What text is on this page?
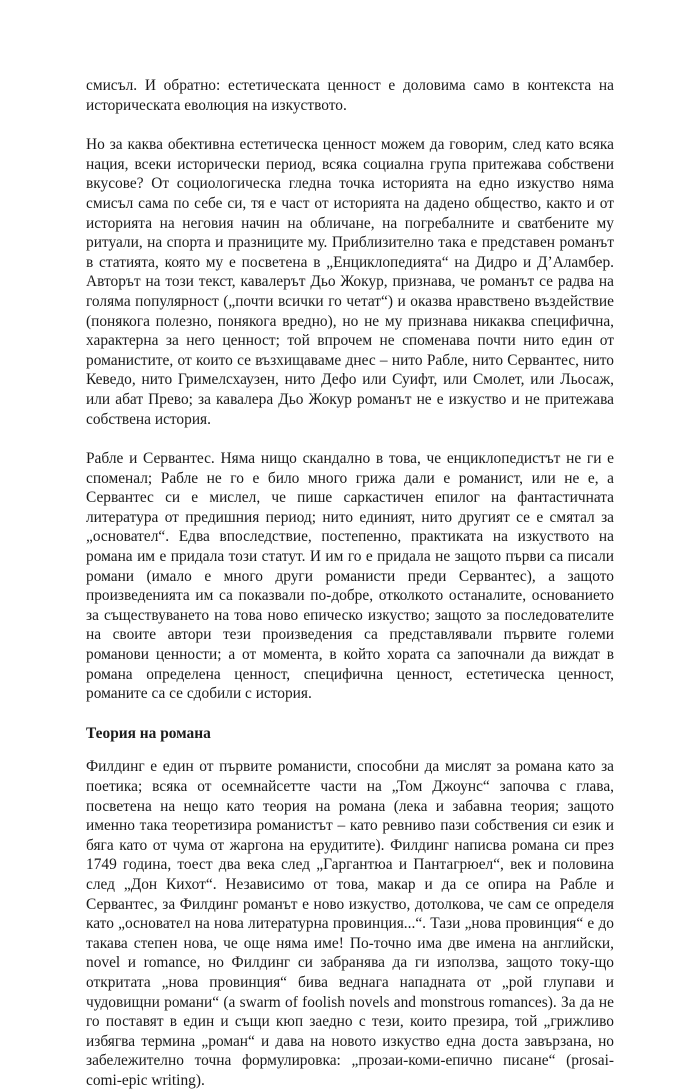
смисъл. И обратно: естетическата ценност е доловима само в контекста на историческата еволюция на изкуството.

Но за каква обективна естетическа ценност можем да говорим, след като всяка нация, всеки исторически период, всяка социална група притежава собствени вкусове? От социологическа гледна точка историята на едно изкуство няма смисъл сама по себе си, тя е част от историята на дадено общество, както и от историята на неговия начин на обличане, на погребалните и сватбените му ритуали, на спорта и празниците му. Приблизително така е представен романът в статията, която му е посветена в „Енциклопедията“ на Дидро и Д’Аламбер. Авторът на този текст, кавалерът Дьо Жокур, признава, че романът се радва на голяма популярност („почти всички го четат“) и оказва нравствено въздействие (понякога полезно, понякога вредно), но не му признава никаква специфична, характерна за него ценност; той впрочем не споменава почти нито един от романистите, от които се възхищаваме днес – нито Рабле, нито Сервантес, нито Кеведо, нито Гримелсхаузен, нито Дефо или Суифт, или Смолет, или Льосаж, или абат Прево; за кавалера Дьо Жокур романът не е изкуство и не притежава собствена история.

Рабле и Сервантес. Няма нищо скандално в това, че енциклопедистът не ги е споменал; Рабле не го е било много грижа дали е романист, или не е, а Сервантес си е мислел, че пише саркастичен епилог на фантастичната литература от предишния период; нито единият, нито другият се е смятал за „основател“. Едва впоследствие, постепенно, практиката на изкуството на романа им е придала този статут. И им го е придала не защото първи са писали романи (имало е много други романисти преди Сервантес), а защото произведенията им са показвали по-добре, отколкото останалите, основанието за съществуването на това ново епическо изкуство; защото за последователите на своите автори тези произведения са представлявали първите големи романови ценности; а от момента, в който хората са започнали да виждат в романа определена ценност, специфична ценност, естетическа ценност, романите са се сдобили с история.

Теория на романа

Филдинг е един от първите романисти, способни да мислят за романа като за поетика; всяка от осемнайсетте части на „Том Джоунс“ започва с глава, посветена на нещо като теория на романа (лека и забавна теория; защото именно така теоретизира романистът – като ревниво пази собствения си език и бяга като от чума от жаргона на ерудитите). Филдинг написва романа си през 1749 година, тоест два века след „Гаргантюа и Пантагрюел“, век и половина след „Дон Кихот“. Независимо от това, макар и да се опира на Рабле и Сервантес, за Филдинг романът е ново изкуство, дотолкова, че сам се определя като „основател на нова литературна провинция...“. Тази „нова провинция“ е до такава степен нова, че още няма име! По-точно има две имена на английски, novel и romance, но Филдинг си забранява да ги използва, защото току-що откритата „нова провинция“ бива веднага нападната от „рой глупави и чудовищни романи“ (a swarm of foolish novels and monstrous romances). За да не го поставят в един и същи кюп заедно с тези, които презира, той „грижливо избягва термина „роман“ и дава на новото изкуство една доста завързана, но забележително точна формулировка: „прозаи-коми-епично писане“ (prosai-comi-epic writing).
